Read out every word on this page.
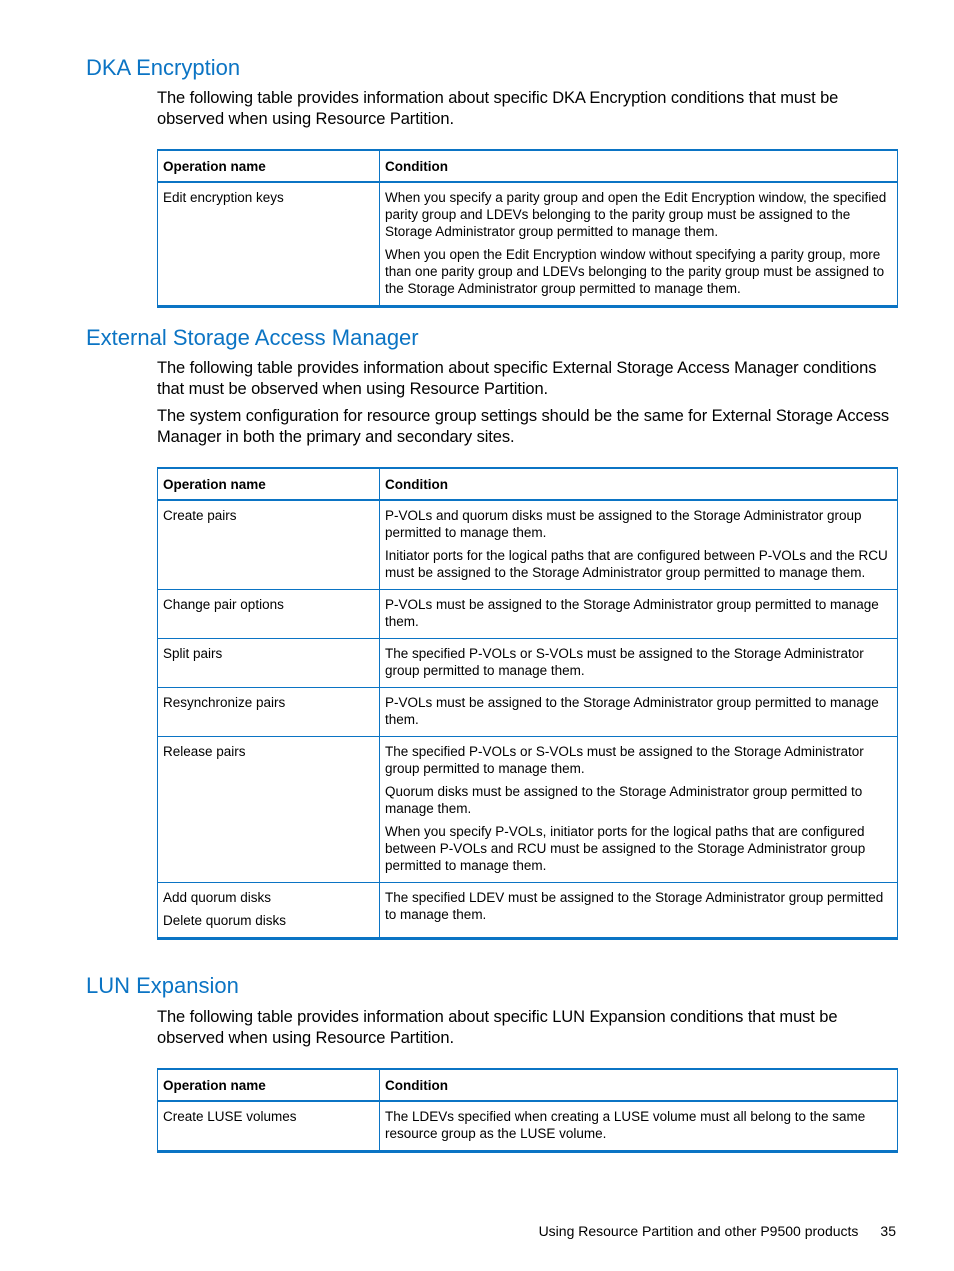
DKA Encryption

The following table provides information about specific DKA Encryption conditions that must be observed when using Resource Partition.

Operation name	Condition

Edit encryption keys	When you specify a parity group and open the Edit Encryption window, the specified parity group and LDEVs belonging to the parity group must be assigned to the Storage Administrator group permitted to manage them.
When you open the Edit Encryption window without specifying a parity group, more than one parity group and LDEVs belonging to the parity group must be assigned to the Storage Administrator group permitted to manage them.
External Storage Access Manager

The following table provides information about specific External Storage Access Manager conditions that must be observed when using Resource Partition.

The system configuration for resource group settings should be the same for External Storage Access Manager in both the primary and secondary sites.

Operation name	Condition

Create pairs	P-VOLs and quorum disks must be assigned to the Storage Administrator group permitted to manage them.
Initiator ports for the logical paths that are configured between P-VOLs and the RCU must be assigned to the Storage Administrator group permitted to manage them.

Change pair options	P-VOLs must be assigned to the Storage Administrator group permitted to manage them.

Split pairs	The specified P-VOLs or S-VOLs must be assigned to the Storage Administrator group permitted to manage them.

Resynchronize pairs	P-VOLs must be assigned to the Storage Administrator group permitted to manage them.

Release pairs	The specified P-VOLs or S-VOLs must be assigned to the Storage Administrator group permitted to manage them.
Quorum disks must be assigned to the Storage Administrator group permitted to manage them.
When you specify P-VOLs, initiator ports for the logical paths that are configured between P-VOLs and RCU must be assigned to the Storage Administrator group permitted to manage them.

Add quorum disks
Delete quorum disks	The specified LDEV must be assigned to the Storage Administrator group permitted to manage them.
LUN Expansion

The following table provides information about specific LUN Expansion conditions that must be observed when using Resource Partition.

Operation name	Condition

Create LUSE volumes	The LDEVs specified when creating a LUSE volume must all belong to the same resource group as the LUSE volume.
Using Resource Partition and other P9500 products 35
